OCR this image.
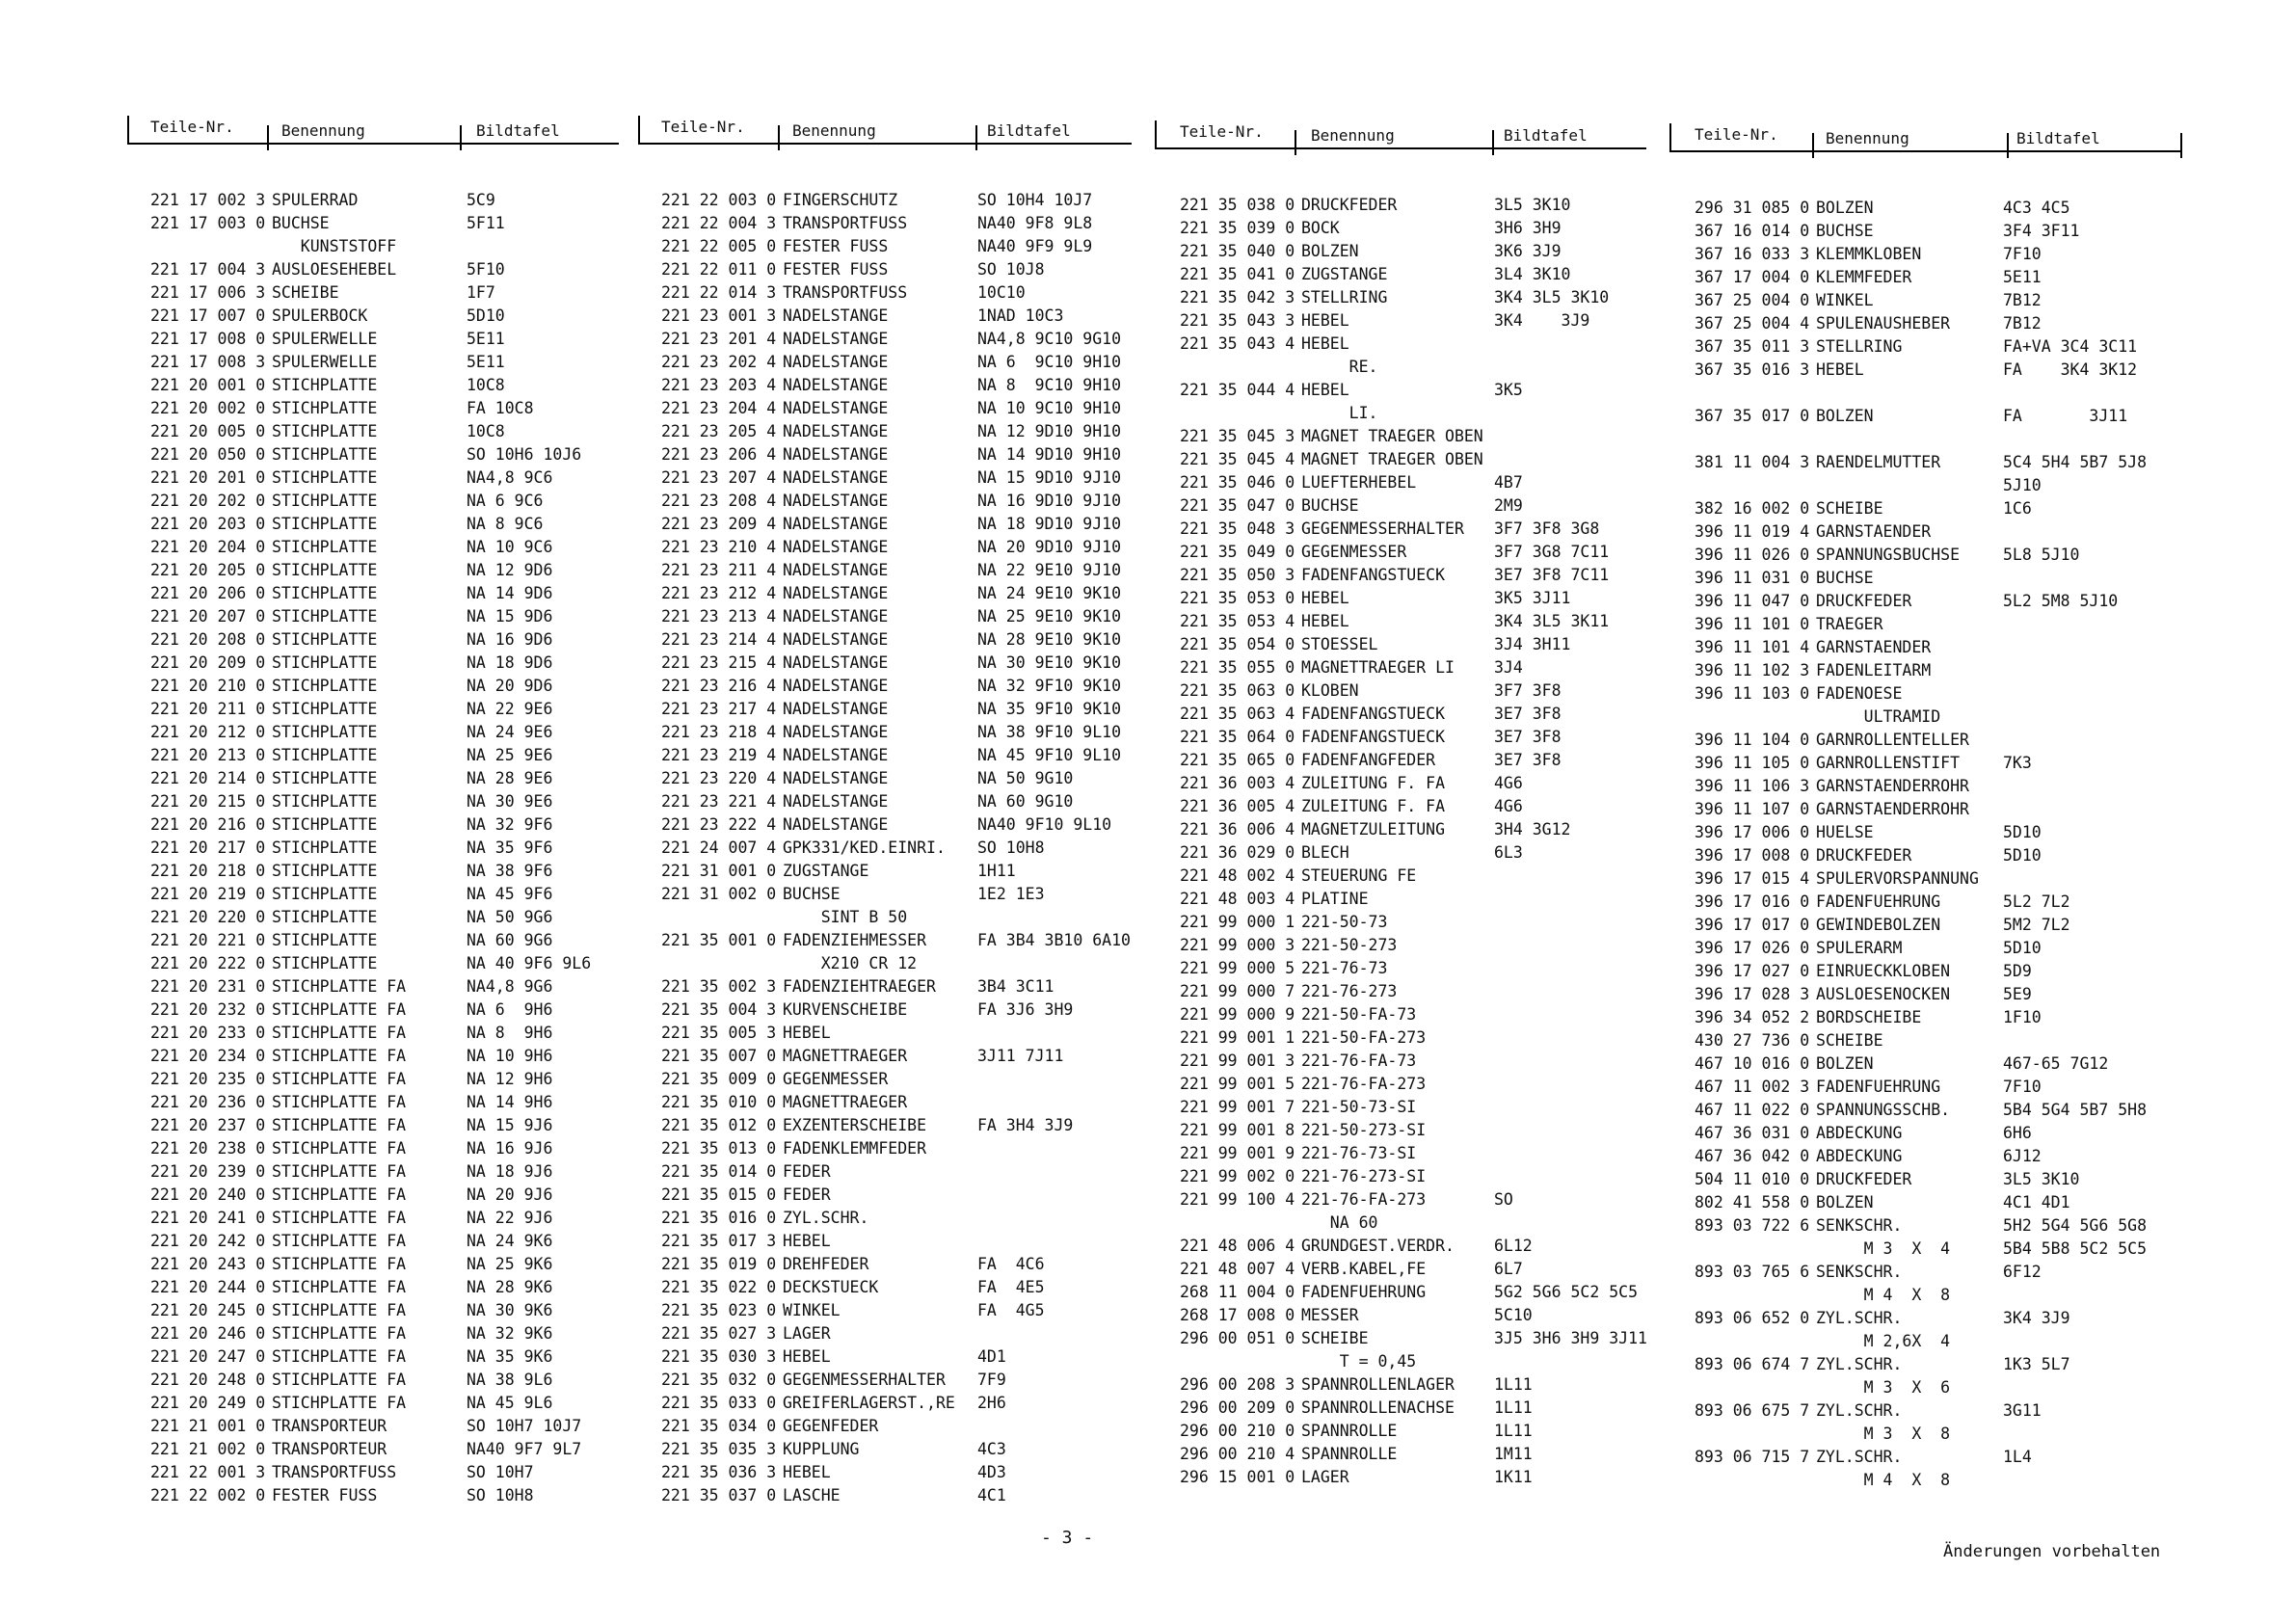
Teile-Nr.	Benennung	Bildtafel
221 17 002 3 SPULERRAD	5C9
221 17 003 0 BUCHSE	5F11
KUNSTSTOFF
221 17 004 3 AUSLOESEHEBEL	5F10
221 17 006 3 SCHEIBE	1F7
221 17 007 0 SPULERBOCK	5D10
221 17 008 0 SPULERWELLE	5E11
221 17 008 3 SPULERWELLE	5E11
221 20 001 0 STICHPLATTE	10C8
221 20 002 0 STICHPLATTE	FA 10C8
221 20 005 0 STICHPLATTE	10C8
221 20 050 0 STICHPLATTE	SO 10H6 10J6
221 20 201 0 STICHPLATTE	NA4,8 9C6
221 20 202 0 STICHPLATTE	NA 6 9C6
221 20 203 0 STICHPLATTE	NA 8 9C6
221 20 204 0 STICHPLATTE	NA 10 9C6
221 20 205 0 STICHPLATTE	NA 12 9D6
221 20 206 0 STICHPLATTE	NA 14 9D6
221 20 207 0 STICHPLATTE	NA 15 9D6
221 20 208 0 STICHPLATTE	NA 16 9D6
221 20 209 0 STICHPLATTE	NA 18 9D6
221 20 210 0 STICHPLATTE	NA 20 9D6
221 20 211 0 STICHPLATTE	NA 22 9E6
221 20 212 0 STICHPLATTE	NA 24 9E6
221 20 213 0 STICHPLATTE	NA 25 9E6
221 20 214 0 STICHPLATTE	NA 28 9E6
221 20 215 0 STICHPLATTE	NA 30 9E6
221 20 216 0 STICHPLATTE	NA 32 9F6
221 20 217 0 STICHPLATTE	NA 35 9F6
221 20 218 0 STICHPLATTE	NA 38 9F6
221 20 219 0 STICHPLATTE	NA 45 9F6
221 20 220 0 STICHPLATTE	NA 50 9G6
221 20 221 0 STICHPLATTE	NA 60 9G6
221 20 222 0 STICHPLATTE	NA 40 9F6 9L6
221 20 231 0 STICHPLATTE FA	NA4,8 9G6
221 20 232 0 STICHPLATTE FA	NA 6  9H6
221 20 233 0 STICHPLATTE FA	NA 8  9H6
221 20 234 0 STICHPLATTE FA	NA 10 9H6
221 20 235 0 STICHPLATTE FA	NA 12 9H6
221 20 236 0 STICHPLATTE FA	NA 14 9H6
221 20 237 0 STICHPLATTE FA	NA 15 9J6
221 20 238 0 STICHPLATTE FA	NA 16 9J6
221 20 239 0 STICHPLATTE FA	NA 18 9J6
221 20 240 0 STICHPLATTE FA	NA 20 9J6
221 20 241 0 STICHPLATTE FA	NA 22 9J6
221 20 242 0 STICHPLATTE FA	NA 24 9K6
221 20 243 0 STICHPLATTE FA	NA 25 9K6
221 20 244 0 STICHPLATTE FA	NA 28 9K6
221 20 245 0 STICHPLATTE FA	NA 30 9K6
221 20 246 0 STICHPLATTE FA	NA 32 9K6
221 20 247 0 STICHPLATTE FA	NA 35 9K6
221 20 248 0 STICHPLATTE FA	NA 38 9L6
221 20 249 0 STICHPLATTE FA	NA 45 9L6
221 21 001 0 TRANSPORTEUR	SO 10H7 10J7
221 21 002 0 TRANSPORTEUR	NA40 9F7 9L7
221 22 001 3 TRANSPORTFUSS	SO 10H7
221 22 002 0 FESTER FUSS	SO 10H8
Teile-Nr.	Benennung	Bildtafel
221 22 003 0 FINGERSCHUTZ	SO 10H4 10J7
221 22 004 3 TRANSPORTFUSS	NA40 9F8 9L8
221 22 005 0 FESTER FUSS	NA40 9F9 9L9
221 22 011 0 FESTER FUSS	SO 10J8
221 22 014 3 TRANSPORTFUSS	10C10
221 23 001 3 NADELSTANGE	1NAD 10C3
221 23 201 4 NADELSTANGE	NA4,8 9C10 9G10
221 23 202 4 NADELSTANGE	NA 6  9C10 9H10
221 23 203 4 NADELSTANGE	NA 8  9C10 9H10
221 23 204 4 NADELSTANGE	NA 10 9C10 9H10
221 23 205 4 NADELSTANGE	NA 12 9D10 9H10
221 23 206 4 NADELSTANGE	NA 14 9D10 9H10
221 23 207 4 NADELSTANGE	NA 15 9D10 9J10
221 23 208 4 NADELSTANGE	NA 16 9D10 9J10
221 23 209 4 NADELSTANGE	NA 18 9D10 9J10
221 23 210 4 NADELSTANGE	NA 20 9D10 9J10
221 23 211 4 NADELSTANGE	NA 22 9E10 9J10
221 23 212 4 NADELSTANGE	NA 24 9E10 9K10
221 23 213 4 NADELSTANGE	NA 25 9E10 9K10
221 23 214 4 NADELSTANGE	NA 28 9E10 9K10
221 23 215 4 NADELSTANGE	NA 30 9E10 9K10
221 23 216 4 NADELSTANGE	NA 32 9F10 9K10
221 23 217 4 NADELSTANGE	NA 35 9F10 9K10
221 23 218 4 NADELSTANGE	NA 38 9F10 9L10
221 23 219 4 NADELSTANGE	NA 45 9F10 9L10
221 23 220 4 NADELSTANGE	NA 50 9G10
221 23 221 4 NADELSTANGE	NA 60 9G10
221 23 222 4 NADELSTANGE	NA40 9F10 9L10
221 24 007 4 GPK331/KED.EINRI. SO 10H8
221 31 001 0 ZUGSTANGE	1H11
221 31 002 0 BUCHSE	1E2 1E3
SINT B 50
221 35 001 0 FADENZIEHMESSER	FA 3B4 3B10 6A10
X210 CR 12
221 35 002 3 FADENZIEHTRAEGER	3B4 3C11
221 35 004 3 KURVENSCHEIBE	FA 3J6 3H9
221 35 005 3 HEBEL
221 35 007 0 MAGNETTRAEGER	3J11 7J11
221 35 009 0 GEGENMESSER
221 35 010 0 MAGNETTRAEGER
221 35 012 0 EXZENTERSCHEIBE	FA 3H4 3J9
221 35 013 0 FADENKLEMMFEDER
221 35 014 0 FEDER
221 35 015 0 FEDER
221 35 016 0 ZYL.SCHR.
221 35 017 3 HEBEL
221 35 019 0 DREHFEDER	FA  4C6
221 35 022 0 DECKSTUECK	FA  4E5
221 35 023 0 WINKEL	FA  4G5
221 35 027 3 LAGER
221 35 030 3 HEBEL	4D1
221 35 032 0 GEGENMESSERHALTER 7F9
221 35 033 0 GREIFERLAGERST.,RE 2H6
221 35 034 0 GEGENFEDER
221 35 035 3 KUPPLUNG	4C3
221 35 036 3 HEBEL	4D3
221 35 037 0 LASCHE	4C1
Teile-Nr.	Benennung	Bildtafel
221 35 038 0 DRUCKFEDER	3L5 3K10
221 35 039 0 BOCK	3H6 3H9
221 35 040 0 BOLZEN	3K6 3J9
221 35 041 0 ZUGSTANGE	3L4 3K10
221 35 042 3 STELLRING	3K4 3L5 3K10
221 35 043 3 HEBEL	3K4    3J9
221 35 043 4 HEBEL
RE.
221 35 044 4 HEBEL	3K5
LI.
221 35 045 3 MAGNET TRAEGER OBEN
221 35 045 4 MAGNET TRAEGER OBEN
221 35 046 0 LUEFTERHEBEL	4B7
221 35 047 0 BUCHSE	2M9
221 35 048 3 GEGENMESSERHALTER 3F7 3F8 3G8
221 35 049 0 GEGENMESSER	3F7 3G8 7C11
221 35 050 3 FADENFANGSTUECK	3E7 3F8 7C11
221 35 053 0 HEBEL	3K5 3J11
221 35 053 4 HEBEL	3K4 3L5 3K11
221 35 054 0 STOESSEL	3J4 3H11
221 35 055 0 MAGNETTRAEGER LI 3J4
221 35 063 0 KLOBEN	3F7 3F8
221 35 063 4 FADENFANGSTUECK	3E7 3F8
221 35 064 0 FADENFANGSTUECK	3E7 3F8
221 35 065 0 FADENFANGFEDER	3E7 3F8
221 36 003 4 ZULEITUNG F. FA	4G6
221 36 005 4 ZULEITUNG F. FA	4G6
221 36 006 4 MAGNETZULEITUNG	3H4 3G12
221 36 029 0 BLECH	6L3
221 48 002 4 STEUERUNG FE
221 48 003 4 PLATINE
221 99 000 1 221-50-73
221 99 000 3 221-50-273
221 99 000 5 221-76-73
221 99 000 7 221-76-273
221 99 000 9 221-50-FA-73
221 99 001 1 221-50-FA-273
221 99 001 3 221-76-FA-73
221 99 001 5 221-76-FA-273
221 99 001 7 221-50-73-SI
221 99 001 8 221-50-273-SI
221 99 001 9 221-76-73-SI
221 99 002 0 221-76-273-SI
221 99 100 4 221-76-FA-273	SO
NA 60
221 48 006 4 GRUNDGEST.VERDR. 6L12
221 48 007 4 VERB.KABEL,FE	6L7
268 11 004 0 FADENFUEHRUNG	5G2 5G6 5C2 5C5
268 17 008 0 MESSER	5C10
296 00 051 0 SCHEIBE	3J5 3H6 3H9 3J11
T = 0,45
296 00 208 3 SPANNROLLENLAGER 1L11
296 00 209 0 SPANNROLLENACHSE 1L11
296 00 210 0 SPANNROLLE	1L11
296 00 210 4 SPANNROLLE	1M11
296 15 001 0 LAGER	1K11
Teile-Nr.	Benennung	Bildtafel
296 31 085 0 BOLZEN	4C3 4C5
367 16 014 0 BUCHSE	3F4 3F11
367 16 033 3 KLEMMKLOBEN	7F10
367 17 004 0 KLEMMFEDER	5E11
367 25 004 0 WINKEL	7B12
367 25 004 4 SPULENAUSHEBER	7B12
367 35 011 3 STELLRING	FA+VA 3C4 3C11
367 35 016 3 HEBEL	FA    3K4 3K12
367 35 017 0 BOLZEN	FA       3J11
381 11 004 3 RAENDELMUTTER	5C4 5H4 5B7 5J8
5J10
382 16 002 0 SCHEIBE	1C6
396 11 019 4 GARNSTAENDER
396 11 026 0 SPANNUNGSBUCHSE	5L8 5J10
396 11 031 0 BUCHSE
396 11 047 0 DRUCKFEDER	5L2 5M8 5J10
396 11 101 0 TRAEGER
396 11 101 4 GARNSTAENDER
396 11 102 3 FADENLEITARM
396 11 103 0 FADENOESE
ULTRAMID
396 11 104 0 GARNROLLENTELLER
396 11 105 0 GARNROLLENSTIFT	7K3
396 11 106 3 GARNSTAENDERROHR
396 11 107 0 GARNSTAENDERROHR
396 17 006 0 HUELSE	5D10
396 17 008 0 DRUCKFEDER	5D10
396 17 015 4 SPULERVORSPANNUNG
396 17 016 0 FADENFUEHRUNG	5L2 7L2
396 17 017 0 GEWINDEBOLZEN	5M2 7L2
396 17 026 0 SPULERARM	5D10
396 17 027 0 EINRUECKKLOBEN	5D9
396 17 028 3 AUSLOESENOCKEN	5E9
396 34 052 2 BORDSCHEIBE	1F10
430 27 736 0 SCHEIBE
467 10 016 0 BOLZEN	467-65 7G12
467 11 002 3 FADENFUEHRUNG	7F10
467 11 022 0 SPANNUNGSSCHB.	5B4 5G4 5B7 5H8
467 36 031 0 ABDECKUNG	6H6
467 36 042 0 ABDECKUNG	6J12
504 11 010 0 DRUCKFEDER	3L5 3K10
802 41 558 0 BOLZEN	4C1 4D1
893 03 722 6 SENKSCHR.	5H2 5G4 5G6 5G8
M 3  X  4	5B4 5B8 5C2 5C5
893 03 765 6 SENKSCHR.	6F12
M 4  X  8
893 06 652 0 ZYL.SCHR.	3K4 3J9
M 2,6X  4
893 06 674 7 ZYL.SCHR.	1K3 5L7
M 3  X  6
893 06 675 7 ZYL.SCHR.	3G11
M 3  X  8
893 06 715 7 ZYL.SCHR.	1L4
M 4  X  8
- 3 -
Änderungen vorbehalten
